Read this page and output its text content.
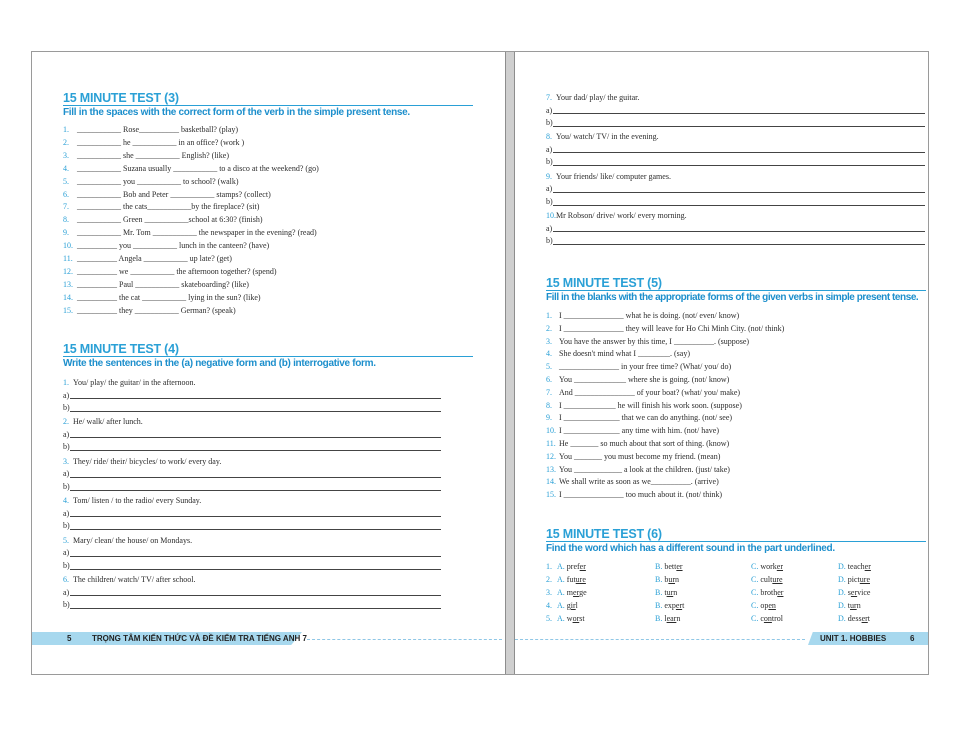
15 MINUTE TEST (3)
Fill in the spaces with the correct form of the verb in the simple present tense.
1. ___________ Rose__________ basketball? (play)
2. ___________ he ___________ in an office? (work )
3. ___________ she ___________ English? (like)
4. ___________ Suzana usually ___________ to a disco at the weekend? (go)
5. ___________ you ___________ to school? (walk)
6. ___________ Bob and Peter ___________ stamps? (collect)
7. ___________ the cats___________by the fireplace? (sit)
8. ___________ Green ___________school at 6:30? (finish)
9. ___________ Mr. Tom ___________ the newspaper in the evening? (read)
10. __________ you ___________ lunch in the canteen? (have)
11. __________ Angela ___________ up late? (get)
12. __________ we ___________ the afternoon together? (spend)
13. __________ Paul ___________ skateboarding? (like)
14. __________ the cat ___________ lying in the sun? (like)
15. __________ they ___________ German? (speak)
15 MINUTE TEST (4)
Write the sentences in the (a) negative form and (b) interrogative form.
1. You/ play/ the guitar/ in the afternoon.
a)
b)
2. He/ walk/ after lunch.
a)
b)
3. They/ ride/ their/ bicycles/ to work/ every day.
a)
b)
4. Tom/ listen / to the radio/ every Sunday.
a)
b)
5. Mary/ clean/ the house/ on Mondays.
a)
b)
6. The children/ watch/ TV/ after school.
a)
b)
5	TRỌNG TÂM KIẾN THỨC VÀ ĐỀ KIỂM TRA TIẾNG ANH 7
7. Your dad/ play/ the guitar.
a)
b)
8. You/ watch/ TV/ in the evening.
a)
b)
9. Your friends/ like/ computer games.
a)
b)
10. Mr Robson/ drive/ work/ every morning.
a)
b)
15 MINUTE TEST (5)
Fill in the blanks with the appropriate forms of the given verbs in simple present tense.
1. I _______________ what he is doing. (not/ even/ know)
2. I _______________ they will leave for Ho Chi Minh City. (not/ think)
3. You have the answer by this time, I __________. (suppose)
4. She doesn't mind what I ________. (say)
5. _______________ in your free time? (What/ you/ do)
6. You _____________ where she is going. (not/ know)
7. And _______________ of your boat? (what/ you/ make)
8. I _____________ he will finish his work soon. (suppose)
9. I ______________ that we can do anything. (not/ see)
10. I ______________ any time with him. (not/ have)
11. He _______ so much about that sort of thing. (know)
12. You _______ you must become my friend. (mean)
13. You ____________ a look at the children. (just/ take)
14. We shall write as soon as we__________. (arrive)
15. I _______________ too much about it. (not/ think)
15 MINUTE TEST (6)
Find the word which has a different sound in the part underlined.
1. A. prefer	B. better	C. worker	D. teacher
2. A. future	B. burn	C. culture	D. picture
3. A. merge	B. turn	C. brother	D. service
4. A. girl	B. expert	C. open	D. turn
5. A. worst	B. learn	C. control	D. dessert
UNIT 1. HOBBIES	6
